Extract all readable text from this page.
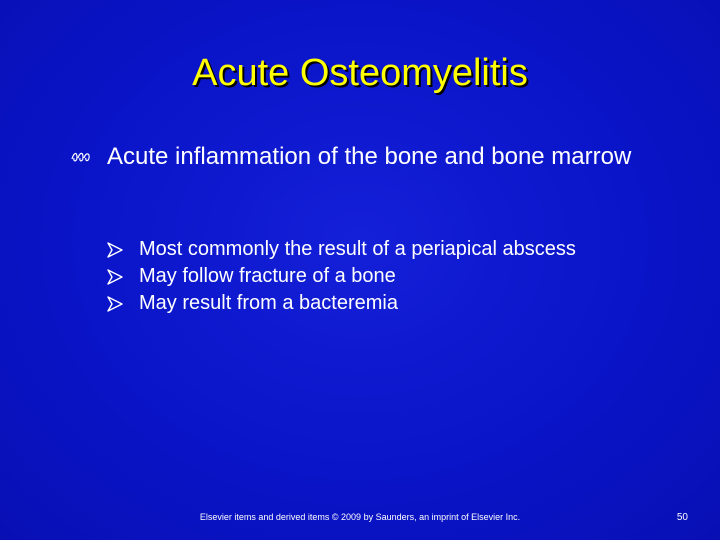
Acute Osteomyelitis
Acute inflammation of the bone and bone marrow
Most commonly the result of a periapical abscess
May follow fracture of a bone
May result from a bacteremia
Elsevier items and derived items © 2009 by Saunders, an imprint of Elsevier Inc.	50
